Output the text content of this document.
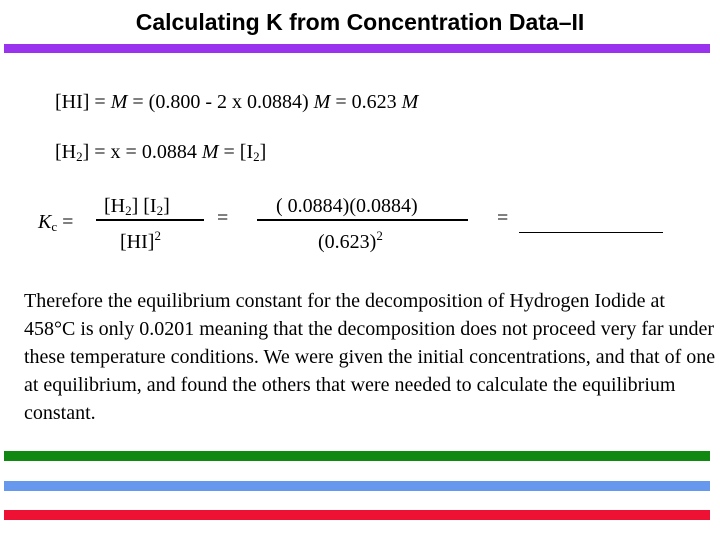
Calculating K from Concentration Data–II
[HI] = M = (0.800 - 2 x 0.0884) M = 0.623 M
$[H_2] = x = 0.0884$ $M = [I_2]$
$K_c$ =
$[H_2]$ $[I_2]$
[HI]$^2$
=
( 0.0884)(0.0884)
$(0.623)^2$
=
Therefore the equilibrium constant for the decomposition of Hydrogen Iodide at 458°C is only 0.0201 meaning that the decomposition does not proceed very far under these temperature conditions. We were given the initial concentrations, and that of one at equilibrium, and found the others that were needed to calculate the equilibrium constant.
